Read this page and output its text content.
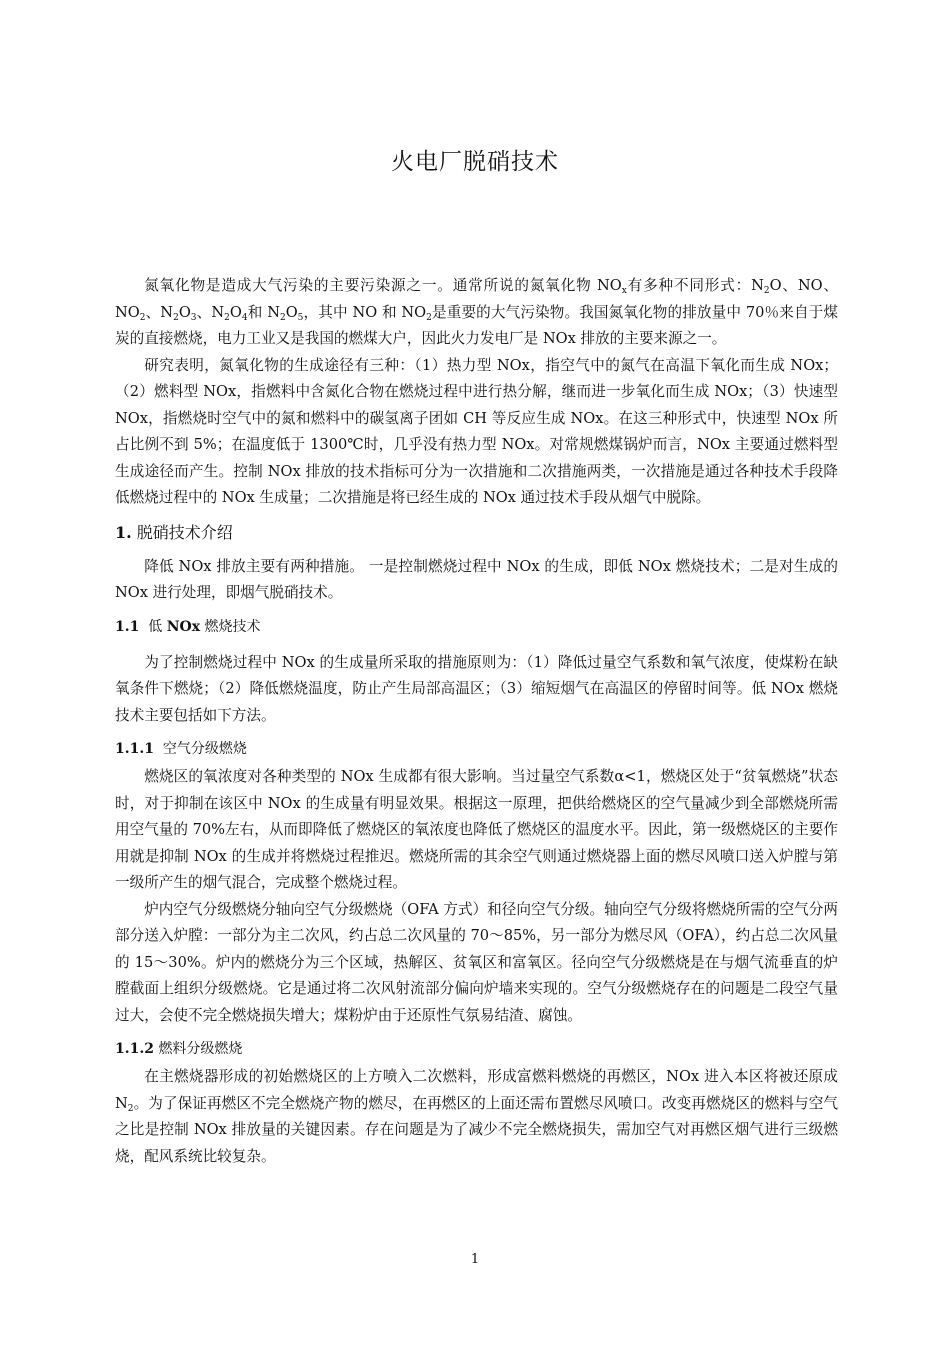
火电厂脱硝技术

氮氧化物是造成大气污染的主要污染源之一。通常所说的氮氧化物 $NO_x$有多种不同形式：$N_2O$、NO、$NO_2$、$N_2O_3$、$N_2O_4$和 $N_2O_5$，其中 NO 和 $NO_2$是重要的大气污染物。我国氮氧化物的排放量中 70％来自于煤炭的直接燃烧，电力工业又是我国的燃煤大户，因此火力发电厂是 NOx 排放的主要来源之一。

研究表明，氮氧化物的生成途径有三种：（1）热力型 NOx，指空气中的氮气在高温下氧化而生成 NOx；（2）燃料型 NOx，指燃料中含氮化合物在燃烧过程中进行热分解，继而进一步氧化而生成 NOx；（3）快速型 NOx，指燃烧时空气中的氮和燃料中的碳氢离子团如 CH 等反应生成 NOx。在这三种形式中，快速型 NOx 所占比例不到 5%；在温度低于 1300℃时，几乎没有热力型 NOx。对常规燃煤锅炉而言，NOx 主要通过燃料型生成途径而产生。控制 NOx 排放的技术指标可分为一次措施和二次措施两类，一次措施是通过各种技术手段降低燃烧过程中的 NOx 生成量；二次措施是将已经生成的 NOx 通过技术手段从烟气中脱除。

1. 脱硝技术介绍

降低 NOx 排放主要有两种措施。 一是控制燃烧过程中 NOx 的生成，即低 NOx 燃烧技术；二是对生成的 NOx 进行处理，即烟气脱硝技术。

1.1 低 NOx 燃烧技术

为了控制燃烧过程中 NOx 的生成量所采取的措施原则为：（1）降低过量空气系数和氧气浓度，使煤粉在缺氧条件下燃烧；（2）降低燃烧温度，防止产生局部高温区；（3）缩短烟气在高温区的停留时间等。低 NOx 燃烧技术主要包括如下方法。

1.1.1 空气分级燃烧

燃烧区的氧浓度对各种类型的 NOx 生成都有很大影响。当过量空气系数α<1，燃烧区处于“贫氧燃烧”状态时，对于抑制在该区中 NOx 的生成量有明显效果。根据这一原理，把供给燃烧区的空气量减少到全部燃烧所需用空气量的 70%左右，从而即降低了燃烧区的氧浓度也降低了燃烧区的温度水平。因此，第一级燃烧区的主要作用就是抑制 NOx 的生成并将燃烧过程推迟。燃烧所需的其余空气则通过燃烧器上面的燃尽风喷口送入炉膛与第一级所产生的烟气混合，完成整个燃烧过程。

炉内空气分级燃烧分轴向空气分级燃烧（OFA 方式）和径向空气分级。轴向空气分级将燃烧所需的空气分两部分送入炉膛：一部分为主二次风，约占总二次风量的 70～85%，另一部分为燃尽风（OFA），约占总二次风量的 15～30%。炉内的燃烧分为三个区域，热解区、贫氧区和富氧区。径向空气分级燃烧是在与烟气流垂直的炉膛截面上组织分级燃烧。它是通过将二次风射流部分偏向炉墙来实现的。空气分级燃烧存在的问题是二段空气量过大，会使不完全燃烧损失增大；煤粉炉由于还原性气氛易结渣、腐蚀。

1.1.2 燃料分级燃烧

在主燃烧器形成的初始燃烧区的上方喷入二次燃料，形成富燃料燃烧的再燃区，NOx 进入本区将被还原成 $N_2$。为了保证再燃区不完全燃烧产物的燃尽，在再燃区的上面还需布置燃尽风喷口。改变再燃烧区的燃料与空气之比是控制 NOx 排放量的关键因素。存在问题是为了减少不完全燃烧损失，需加空气对再燃区烟气进行三级燃烧，配风系统比较复杂。

1
